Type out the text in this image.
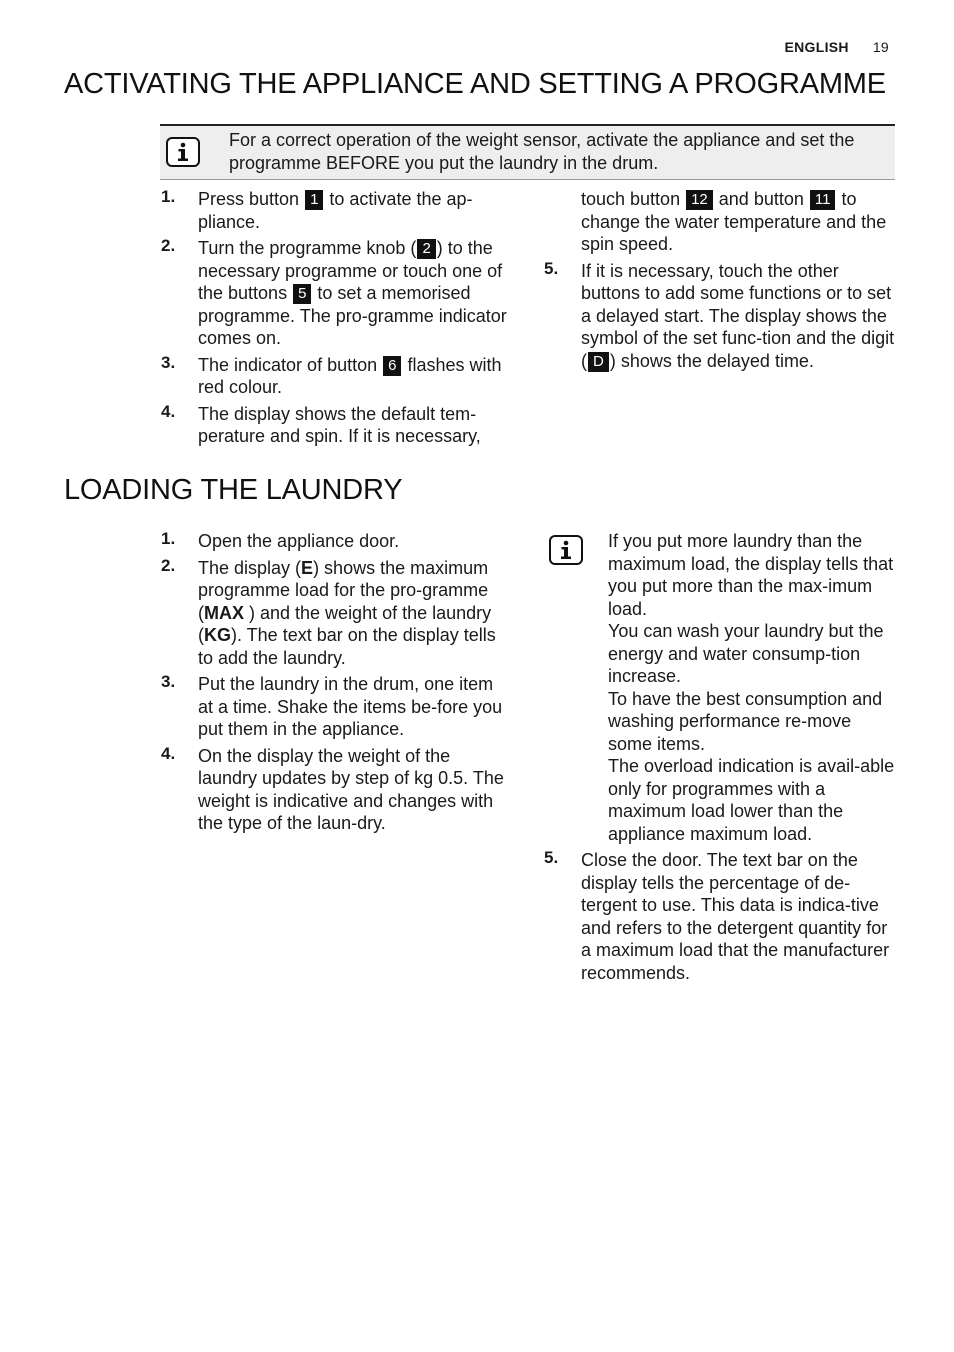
ENGLISH 19
ACTIVATING THE APPLIANCE AND SETTING A PROGRAMME
For a correct operation of the weight sensor, activate the appliance and set the programme BEFORE you put the laundry in the drum.
1. Press button 1 to activate the ap-pliance.
2. Turn the programme knob ( 2 ) to the necessary programme or touch one of the buttons 5 to set a memorised programme. The pro-gramme indicator comes on.
3. The indicator of button 6 flashes with red colour.
4. The display shows the default tem-perature and spin. If it is necessary,
touch button 12 and button 11 to change the water temperature and the spin speed.
5. If it is necessary, touch the other buttons to add some functions or to set a delayed start. The display shows the symbol of the set func-tion and the digit ( D ) shows the delayed time.
LOADING THE LAUNDRY
1. Open the appliance door.
2. The display (E) shows the maximum programme load for the pro-gramme (MAX ) and the weight of the laundry (KG). The text bar on the display tells to add the laundry.
3. Put the laundry in the drum, one item at a time. Shake the items be-fore you put them in the appliance.
4. On the display the weight of the laundry updates by step of kg 0.5. The weight is indicative and changes with the type of the laun-dry.
If you put more laundry than the maximum load, the display tells that you put more than the max-imum load.
You can wash your laundry but the energy and water consump-tion increase.
To have the best consumption and washing performance re-move some items.
The overload indication is avail-able only for programmes with a maximum load lower than the appliance maximum load.
5. Close the door. The text bar on the display tells the percentage of de-tergent to use. This data is indica-tive and refers to the detergent quantity for a maximum load that the manufacturer recommends.
